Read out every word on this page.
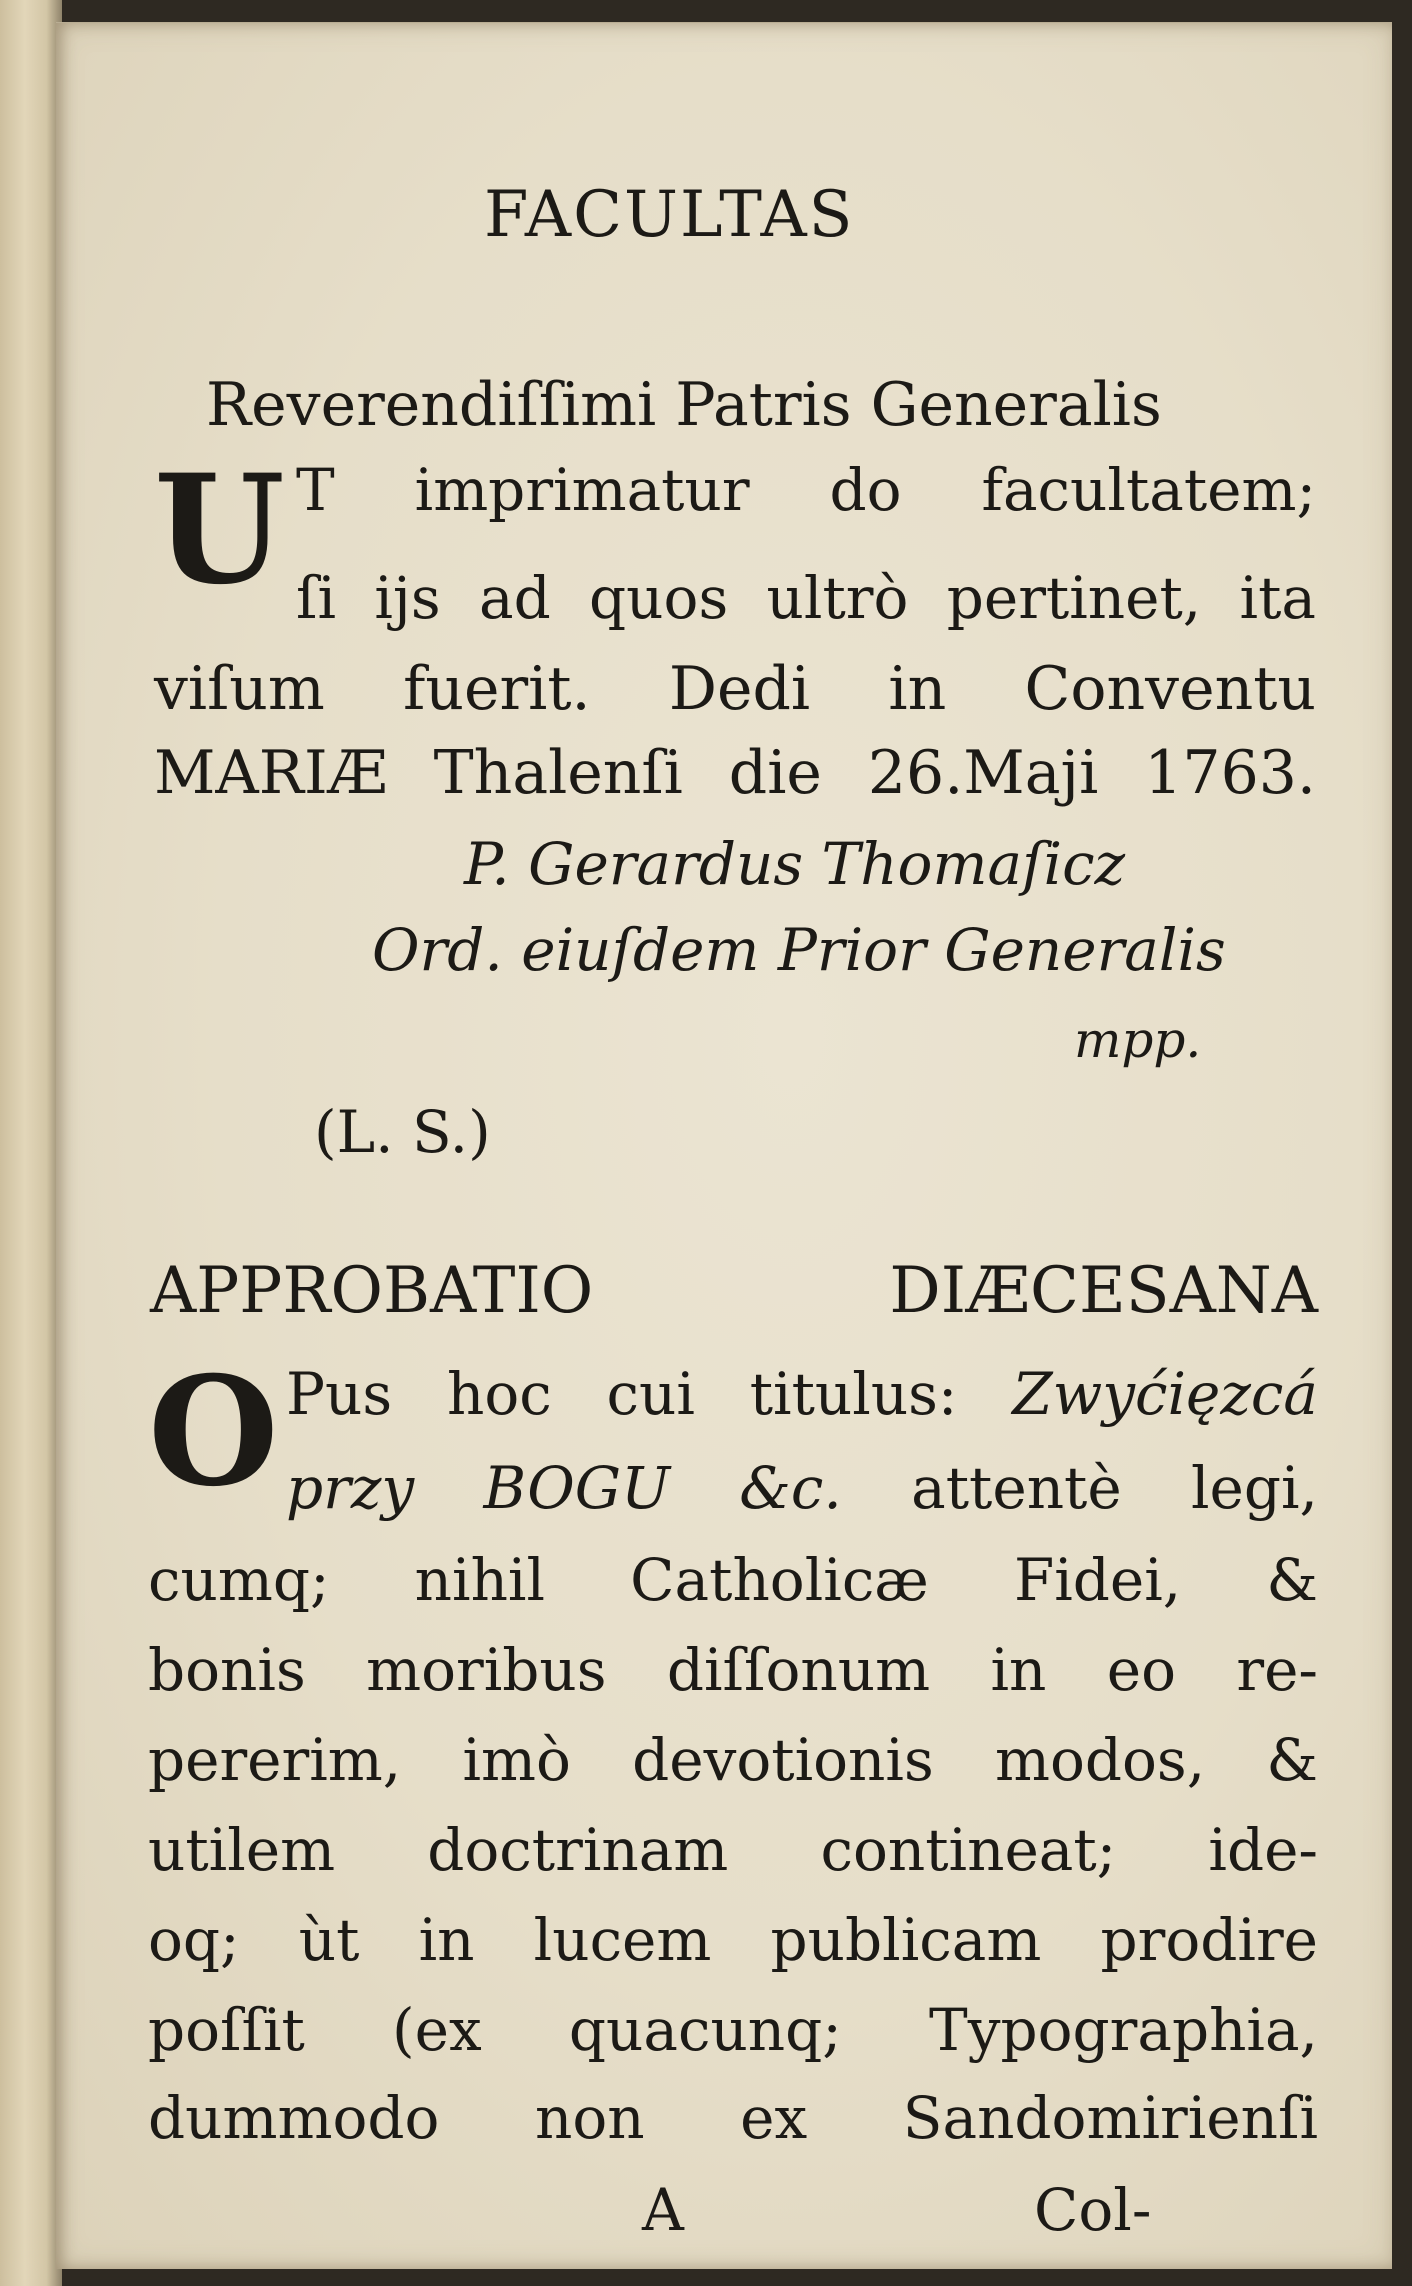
FACULTAS
Reverendiſſimi Patris Generalis
U T imprimatur do facultatem;
ſi ijs ad quos ultrò pertinet, ita
viſum fuerit. Dedi in Conventu
MARIÆ Thalenſi die 26.Maji 1763.
P. Gerardus Thomaſicz
Ord. eiuſdem Prior Generalis
mpp.
(L. S.)
APPROBATIO DIÆCESANA
O Pus hoc cui titulus: Zwyćięzcá
przy BOGU &c. attentè legi,
cumq; nihil Catholicæ Fidei, &
bonis moribus diſſonum in eo re-
pererim, imò devotionis modos, &
utilem doctrinam contineat; ide-
oq; ùt in lucem publicam prodire
poſſit (ex quacunq; Typographia,
dummodo non ex Sandomirienſi
A	Col-
